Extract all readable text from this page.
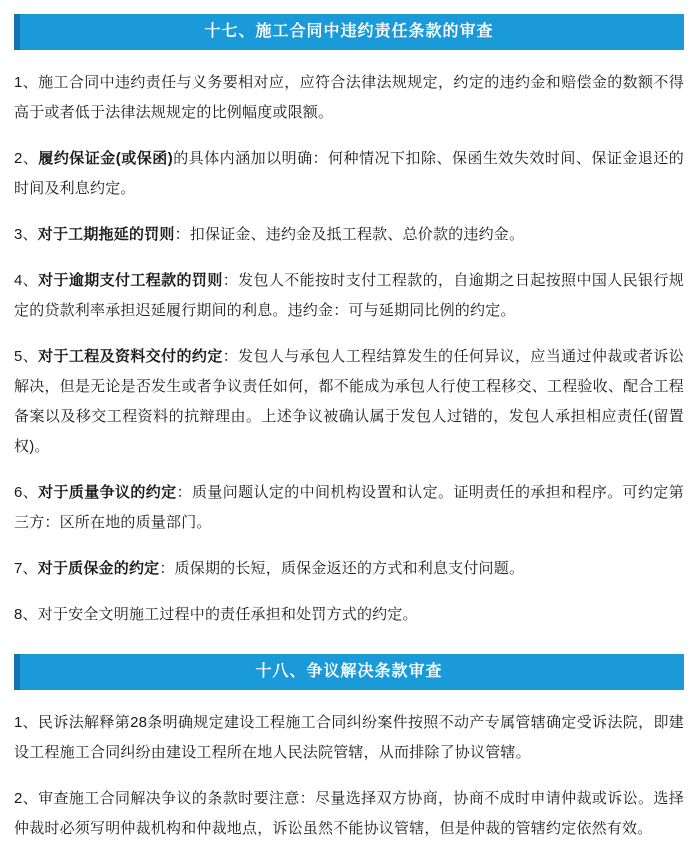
十七、施工合同中违约责任条款的审查

1、施工合同中违约责任与义务要相对应，应符合法律法规规定，约定的违约金和赔偿金的数额不得高于或者低于法律法规规定的比例幅度或限额。

2、履约保证金(或保函)的具体内涵加以明确：何种情况下扣除、保函生效失效时间、保证金退还的时间及利息约定。

3、对于工期拖延的罚则：扣保证金、违约金及抵工程款、总价款的违约金。

4、对于逾期支付工程款的罚则：发包人不能按时支付工程款的，自逾期之日起按照中国人民银行规定的贷款利率承担迟延履行期间的利息。违约金：可与延期同比例的约定。

5、对于工程及资料交付的约定：发包人与承包人工程结算发生的任何异议，应当通过仲裁或者诉讼解决，但是无论是否发生或者争议责任如何，都不能成为承包人行使工程移交、工程验收、配合工程备案以及移交工程资料的抗辩理由。上述争议被确认属于发包人过错的，发包人承担相应责任(留置权)。

6、对于质量争议的约定：质量问题认定的中间机构设置和认定。证明责任的承担和程序。可约定第三方：区所在地的质量部门。

7、对于质保金的约定：质保期的长短，质保金返还的方式和利息支付问题。

8、对于安全文明施工过程中的责任承担和处罚方式的约定。

十八、争议解决条款审查

1、民诉法解释第28条明确规定建设工程施工合同纠纷案件按照不动产专属管辖确定受诉法院，即建设工程施工合同纠纷由建设工程所在地人民法院管辖，从而排除了协议管辖。

2、审查施工合同解决争议的条款时要注意：尽量选择双方协商，协商不成时申请仲裁或诉讼。选择仲裁时必须写明仲裁机构和仲裁地点，诉讼虽然不能协议管辖，但是仲裁的管辖约定依然有效。
